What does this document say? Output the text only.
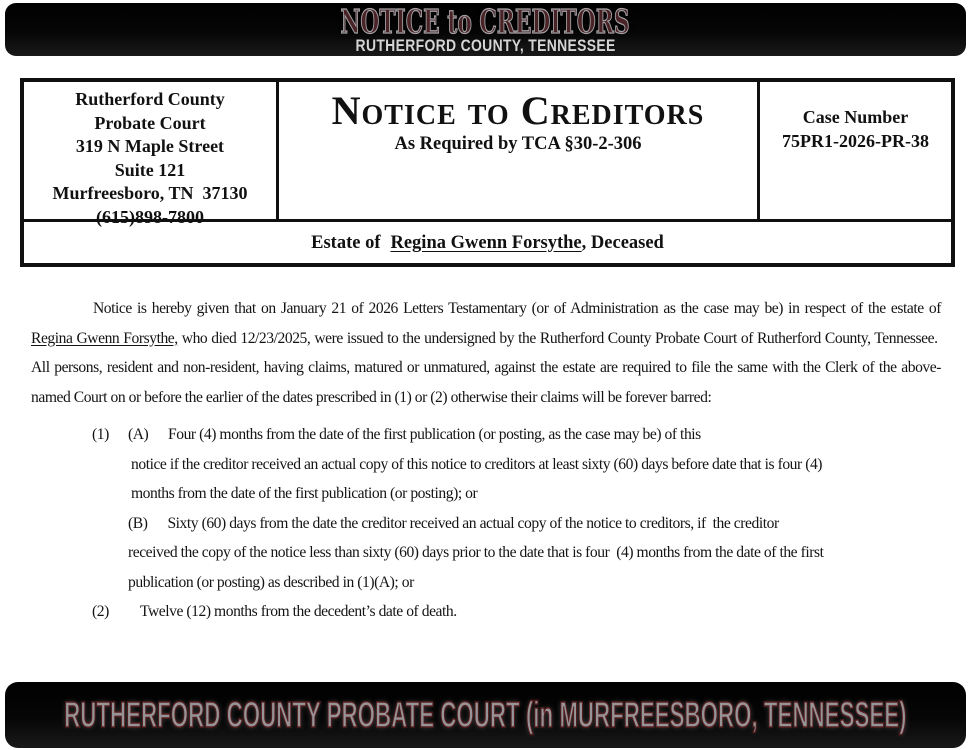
NOTICE to CREDITORS
RUTHERFORD COUNTY, TENNESSEE
Rutherford County
Probate Court
319 N Maple Street
Suite 121
Murfreesboro, TN  37130
(615)898-7800
Notice to Creditors
As Required by TCA §30-2-306
Case Number
75PR1-2026-PR-38
Estate of Regina Gwenn Forsythe , Deceased

Notice is hereby given that on January 21 of 2026 Letters Testamentary (or of Administration as the case may be) in respect of the estate of Regina Gwenn Forsythe, who died 12/23/2025, were issued to the undersigned by the Rutherford County Probate Court of Rutherford County, Tennessee.  All persons, resident and non-resident, having claims, matured or unmatured, against the estate are required to file the same with the Clerk of the above-named Court on or before the earlier of the dates prescribed in (1) or (2) otherwise their claims will be forever barred:

(1) (A) Four (4) months from the date of the first publication (or posting, as the case may be) of this
notice if the creditor received an actual copy of this notice to creditors at least sixty (60) days before date that is four (4)
months from the date of the first publication (or posting); or
(B) Sixty (60) days from the date the creditor received an actual copy of the notice to creditors, if  the creditor
received the copy of the notice less than sixty (60) days prior to the date that is four  (4) months from the date of the first
publication (or posting) as described in (1)(A); or
(2) Twelve (12) months from the decedent’s date of death.
RUTHERFORD COUNTY PROBATE COURT (in MURFREESBORO, TENNESSEE)
